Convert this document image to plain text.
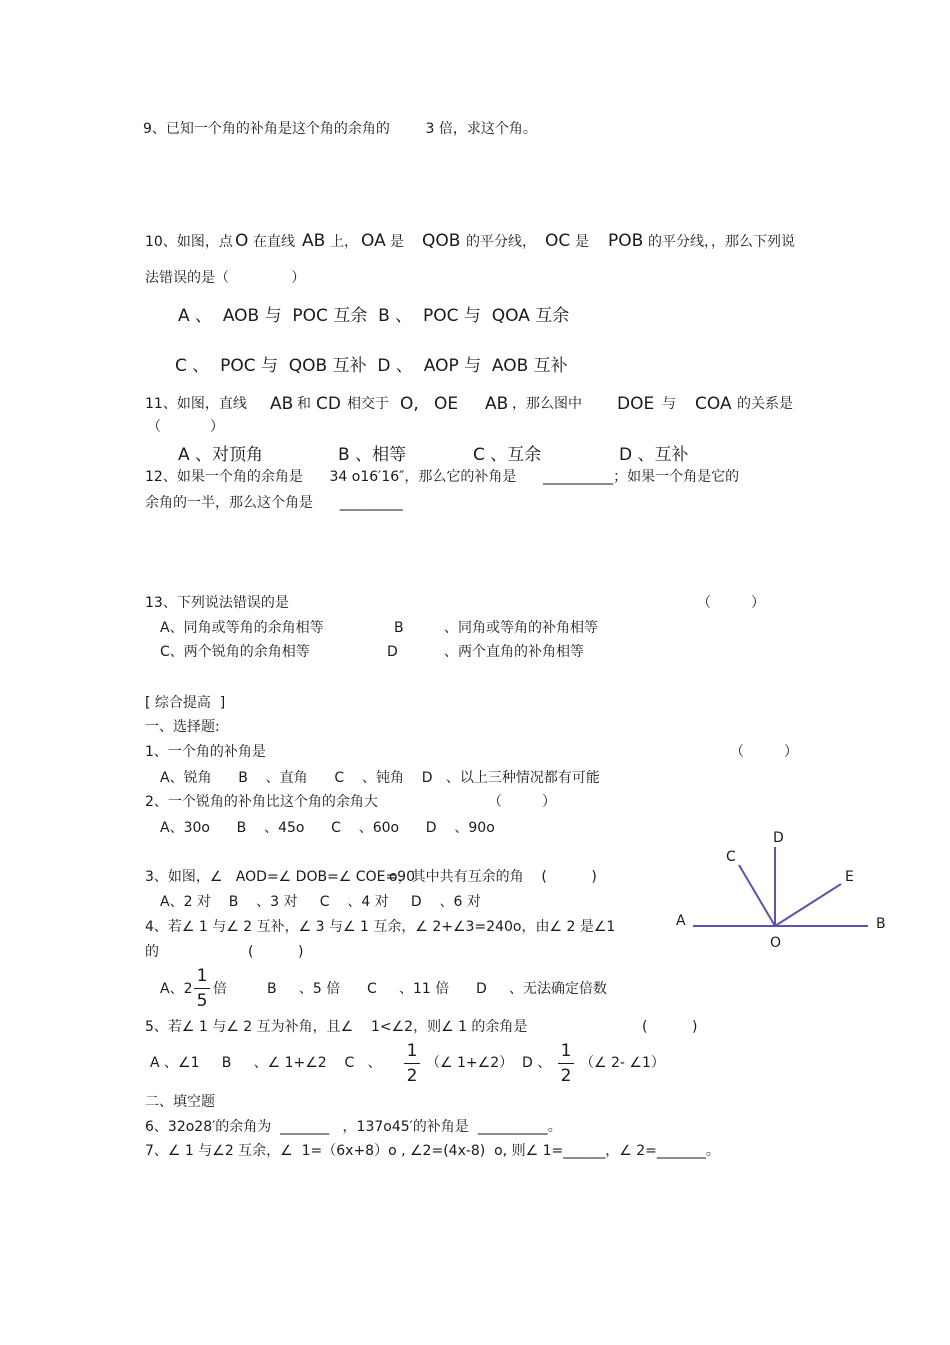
9、已知一个角的补角是这个角的余角的        3 倍，求这个角。
10、如图，点 O 在直线 AB 上， OA 是 QOB 的平分线， OC 是 POB 的平分线，，那么下列说
法错误的是（              ）
A 、  AOB 与  POC 互余  B 、  POC 与  QOA 互余
C 、  POC 与  QOB 互补  D 、  AOP 与  AOB 互补
11、如图，直线 AB 和 CD 相交于 O, OE AB ，那么图中 DOE 与 COA 的关系是
（           ）
A 、对顶角	B 、相等	C 、互余	D 、互补
12、如果一个角的余角是      34 o16′16″，那么它的补角是      __________；如果一个角是它的
余角的一半，那么这个角是      _________
13、下列说法错误的是	（         ）
A、同角或等角的余角相等	B	、同角或等角的补角相等
C、两个锐角的余角相等	D	、两个直角的补角相等
[ 综合提高  ]
一、选择题:
1、一个角的补角是	（         ）
A、锐角      B    、直角      C    、钝角    D   、以上三种情况都有可能
2、一个锐角的补角比这个角的余角大	（         ）
A、30o      B    、45o      C    、60o      D    、90o
3、如图，∠   AOD=∠ DOB=∠ COE=90
o，其中共有互余的角    (          )
A、2 对    B    、3 对     C    、4 对     D    、6 对
4、若∠ 1 与∠ 2 互补，∠ 3 与∠ 1 互余，∠ 2+∠3=240o，由∠ 2 是∠1
的                    (          )
A、2
1
5
倍         B     、5 倍      C     、11 倍      D     、无法确定倍数
5、若∠ 1 与∠ 2 互为补角，且∠    1<∠2，则∠ 1 的余角是	(          )
A 、∠1     B     、∠ 1+∠2    C   、
1
2
（∠ 1+∠2）  D 、
1
2
（∠ 2- ∠1）
二、填空题
6、32o28′的余角为  _______   ，137o45′的补角是  __________。
7、∠ 1 与∠2 互余，∠  1=（6x+8）o , ∠2=(4x-8)  o, 则∠ 1=______，∠ 2=_______。
A	B
C
D
E
O
